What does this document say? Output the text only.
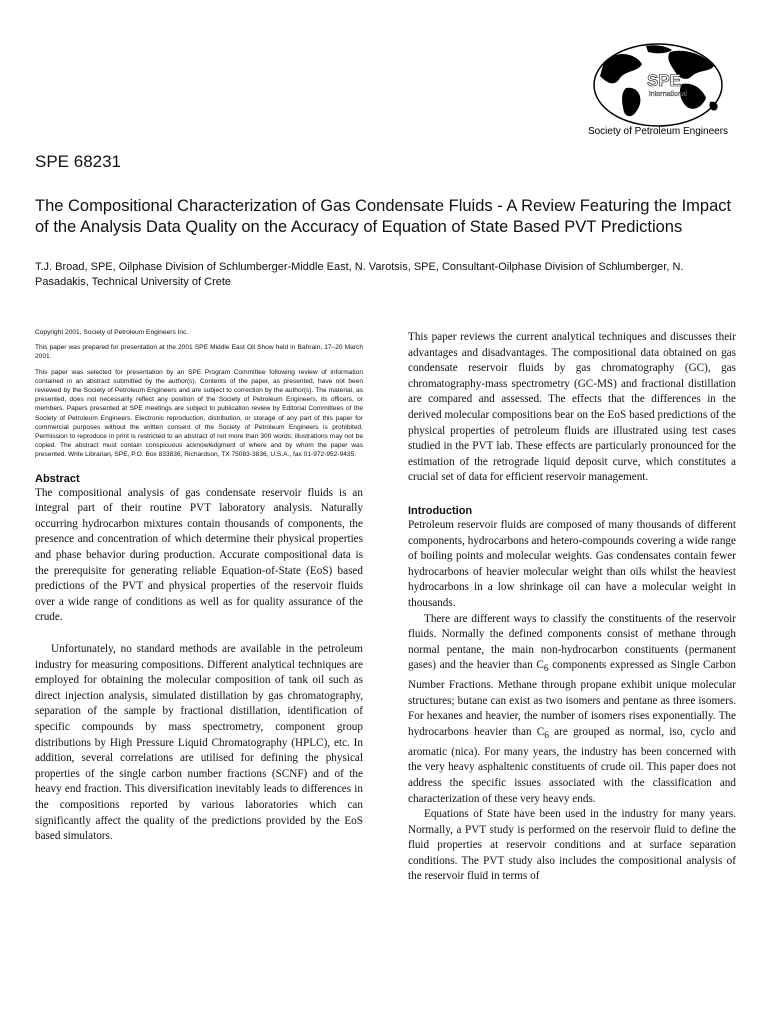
SPE
International
Society of Petroleum Engineers
SPE 68231
The Compositional Characterization of Gas Condensate Fluids - A Review Featuring the Impact of the Analysis Data Quality on the Accuracy of Equation of State Based PVT Predictions

T.J. Broad, SPE, Oilphase Division of Schlumberger-Middle East, N. Varotsis, SPE, Consultant-Oilphase Division of Schlumberger, N. Pasadakis, Technical University of Crete

Copyright 2001, Society of Petroleum Engineers Inc.

This paper was prepared for presentation at the 2001 SPE Middle East Oil Show held in Bahrain, 17–20 March 2001.

This paper was selected for presentation by an SPE Program Committee following review of information contained in an abstract submitted by the author(s). Contents of the paper, as presented, have not been reviewed by the Society of Petroleum Engineers and are subject to correction by the author(s). The material, as presented, does not necessarily reflect any position of the Society of Petroleum Engineers, its officers, or members. Papers presented at SPE meetings are subject to publication review by Editorial Committees of the Society of Petroleum Engineers. Electronic reproduction, distribution, or storage of any part of this paper for commercial purposes without the written consent of the Society of Petroleum Engineers is prohibited. Permission to reproduce in print is restricted to an abstract of not more than 300 words; illustrations may not be copied. The abstract must contain conspicuous acknowledgment of where and by whom the paper was presented. Write Librarian, SPE, P.O. Box 833836, Richardson, TX 75083-3836, U.S.A., fax 01-972-952-9435.

Abstract

The compositional analysis of gas condensate reservoir fluids is an integral part of their routine PVT laboratory analysis. Naturally occurring hydrocarbon mixtures contain thousands of components, the presence and concentration of which determine their physical properties and phase behavior during production. Accurate compositional data is the prerequisite for generating reliable Equation-of-State (EoS) based predictions of the PVT and physical properties of the reservoir fluids over a wide range of conditions as well as for quality assurance of the crude.

Unfortunately, no standard methods are available in the petroleum industry for measuring compositions. Different analytical techniques are employed for obtaining the molecular composition of tank oil such as direct injection analysis, simulated distillation by gas chromatography, separation of the sample by fractional distillation, identification of specific compounds by mass spectrometry, component group distributions by High Pressure Liquid Chromatography (HPLC), etc. In addition, several correlations are utilised for defining the physical properties of the single carbon number fractions (SCNF) and of the heavy end fraction. This diversification inevitably leads to differences in the compositions reported by various laboratories which can significantly affect the quality of the predictions provided by the EoS based simulators.

This paper reviews the current analytical techniques and discusses their advantages and disadvantages. The compositional data obtained on gas condensate reservoir fluids by gas chromatography (GC), gas chromatography-mass spectrometry (GC-MS) and fractional distillation are compared and assessed. The effects that the differences in the derived molecular compositions bear on the EoS based predictions of the physical properties of petroleum fluids are illustrated using test cases studied in the PVT lab. These effects are particularly pronounced for the estimation of the retrograde liquid deposit curve, which constitutes a crucial set of data for efficient reservoir management.

Introduction

Petroleum reservoir fluids are composed of many thousands of different components, hydrocarbons and hetero-compounds covering a wide range of boiling points and molecular weights. Gas condensates contain fewer hydrocarbons of heavier molecular weight than oils whilst the heaviest hydrocarbons in a low shrinkage oil can have a molecular weight in thousands.

There are different ways to classify the constituents of the reservoir fluids. Normally the defined components consist of methane through normal pentane, the main non-hydrocarbon constituents (permanent gases) and the heavier than $C_6$ components expressed as Single Carbon Number Fractions. Methane through propane exhibit unique molecular structures; butane can exist as two isomers and pentane as three isomers. For hexanes and heavier, the number of isomers rises exponentially. The hydrocarbons heavier than $C_6$ are grouped as normal, iso, cyclo and aromatic (nica). For many years, the industry has been concerned with the very heavy asphaltenic constituents of crude oil. This paper does not address the specific issues associated with the classification and characterization of these very heavy ends.

Equations of State have been used in the industry for many years. Normally, a PVT study is performed on the reservoir fluid to define the fluid properties at reservoir conditions and at surface separation conditions. The PVT study also includes the compositional analysis of the reservoir fluid in terms of
